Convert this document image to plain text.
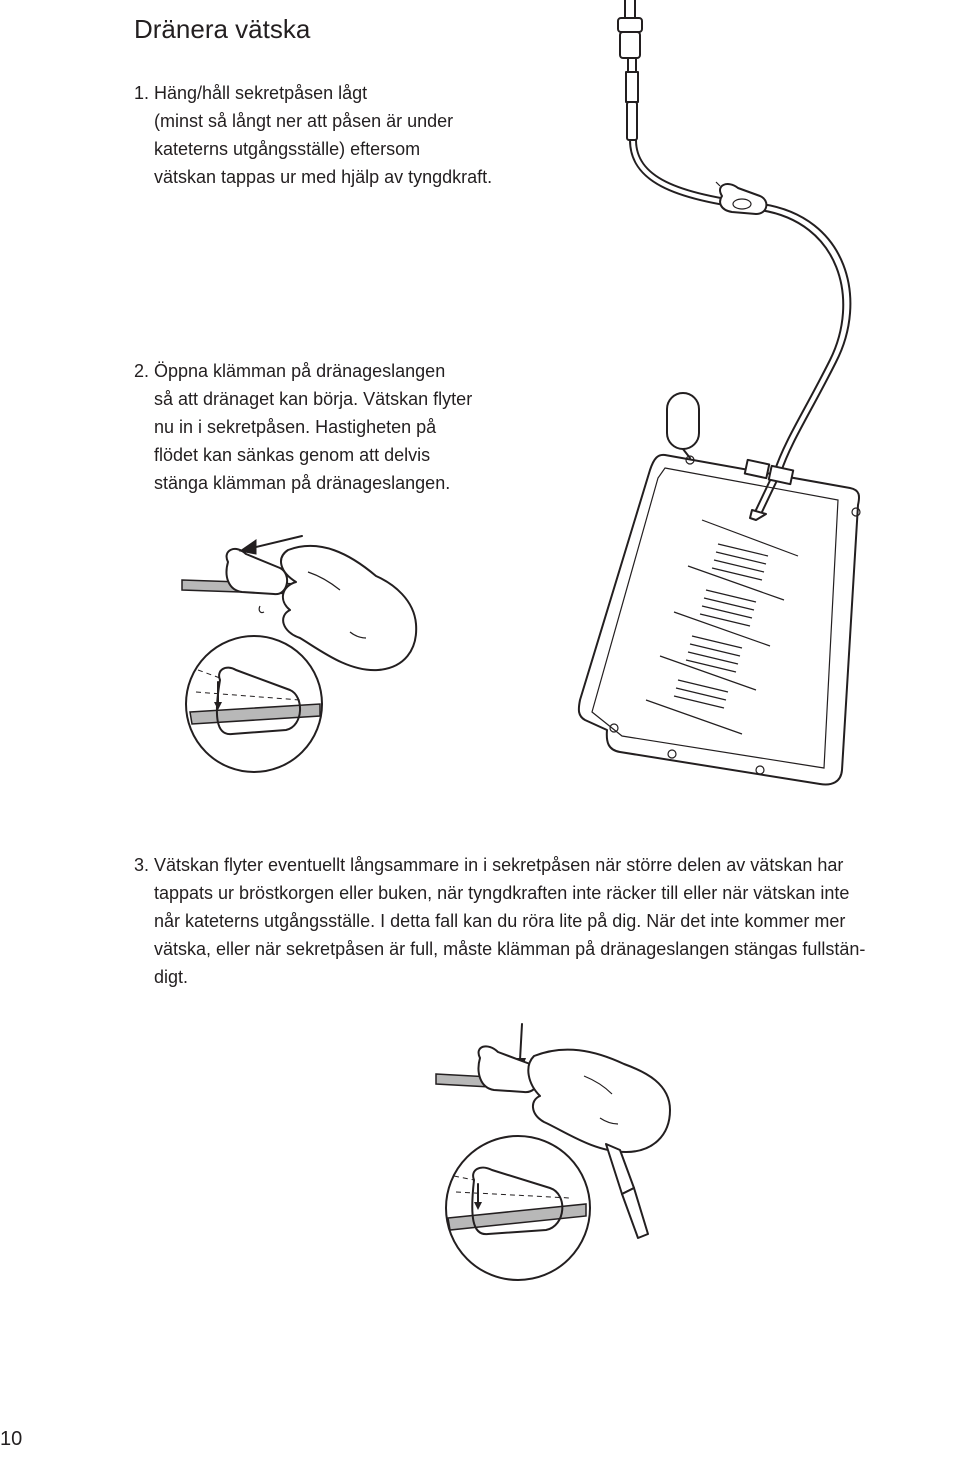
Dränera vätska
1. Häng/håll sekretpåsen lågt
(minst så långt ner att påsen är under
kateterns utgångsställe) eftersom
vätskan tappas ur med hjälp av tyngdkraft.
2. Öppna klämman på dränageslangen
så att dränaget kan börja. Vätskan flyter
nu in i sekretpåsen. Hastigheten på
flödet kan sänkas genom att delvis
stänga klämman på dränageslangen.
3. Vätskan flyter eventuellt långsammare in i sekretpåsen när större delen av vätskan har
tappats ur bröstkorgen eller buken, när tyngdkraften inte räcker till eller när vätskan inte
når kateterns utgångsställe. I detta fall kan du röra lite på dig. När det inte kommer mer
vätska, eller när sekretpåsen är full, måste klämman på dränageslangen stängas fullstän-
digt.
10
